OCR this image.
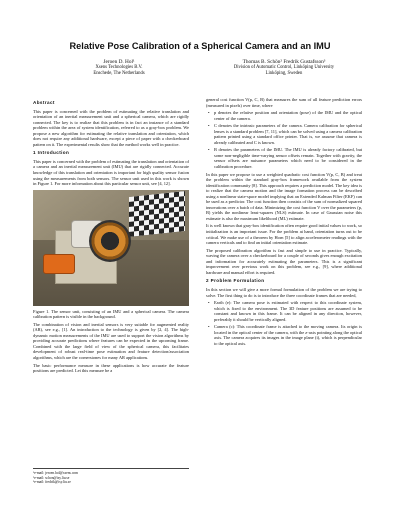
Relative Pose Calibration of a Spherical Camera and an IMU
Jeroen D. Hol¹
Xsens Technologies B.V.
Enschede, The Netherlands
Thomas B. Schön² Fredrik Gustafsson³
Division of Automatic Control, Linköping University
Linköping, Sweden
Abstract

This paper is concerned with the problem of estimating the relative translation and orientation of an inertial measurement unit and a spherical camera, which are rigidly connected. The key is to realize that this problem is in fact an instance of a standard problem within the area of system identification, referred to as a gray-box problem. We propose a new algorithm for estimating the relative translation and orientation, which does not require any additional hardware, except a piece of paper with a checkerboard pattern on it. The experimental results show that the method works well in practice.

1 Introduction

This paper is concerned with the problem of estimating the translation and orientation of a camera and an inertial measurement unit (IMU) that are rigidly connected. Accurate knowledge of this translation and orientation is important for high quality sensor fusion using the measurements from both sensors. The sensor unit used in this work is shown in Figure 1. For more information about this particular sensor unit, see [4, 12].

Figure 1. The sensor unit, consisting of an IMU and a spherical camera. The camera calibration pattern is visible in the background.

The combination of vision and inertial sensors is very suitable for augmented reality (AR), see e.g., [1]. An introduction to the technology is given by [2, 4]. The high-dynamic motion measurements of the IMU are used to support the vision algorithms by providing accurate predictions where features can be expected in the upcoming frame. Combined with the large field of view of the spherical camera, this facilitates development of robust real-time pose estimation and feature detection/association algorithms, which are the cornerstones for many AR applications.

The basic performance measure in these applications is how accurate the feature positions are predicted. Let this measure be a

¹e-mail: jeroen.hol@xsens.com
²e-mail: schon@isy.liu.se
³e-mail: fredrik@isy.liu.se

general cost function V(p, C, B) that measures the sum of all feature prediction errors (measured in pixels) over time, where

• p denotes the relative position and orientation (pose) of the IMU and the optical center of the camera.
• C denotes the intrinsic parameters of the camera. Camera calibration for spherical lenses is a standard problem [7, 11], which can be solved using a camera calibration pattern printed using a standard office printer. That is, we assume that camera is already calibrated and C is known.
• B denotes the parameters of the IMU. The IMU is already factory calibrated, but some non-negligible time-varying sensor offsets remain. Together with gravity, the sensor offsets are nuisance parameters which need to be considered in the calibration procedure.

In this paper we propose to use a weighted quadratic cost function V(p, C, B) and treat the problem within the standard gray-box framework available from the system identification community [8]. This approach requires a prediction model. The key idea is to realize that the camera motion and the image formation process can be described using a nonlinear state-space model implying that an Extended Kalman Filter (EKF) can be used as a predictor. The cost function then consists of the sum of normalized squared innovations over a batch of data. Minimizing the cost function V over the parameters (p, B) yields the nonlinear least-squares (NLS) estimate. In case of Gaussian noise this estimate is also the maximum likelihood (ML) estimate.

It is well known that gray-box identification often require good initial values to work, so initialization is an important issue. For the problem at hand, orientation turns out to be critical. We make use of a theorem by Horn [5] to align accelerometer readings with the camera verticals and to find an initial orientation estimate.

The proposed calibration algorithm is fast and simple to use in practice. Typically, waving the camera over a checkerboard for a couple of seconds gives enough excitation and information for accurately estimating the parameters. This is a significant improvement over previous work on this problem, see e.g., [9], where additional hardware and manual effort is required.

2 Problem Formulation

In this section we will give a more formal formulation of the problem we are trying to solve. The first thing to do is to introduce the three coordinate frames that are needed,

• Earth (e): The camera pose is estimated with respect to this coordinate system, which is fixed to the environment. The 3D feature positions are assumed to be constant and known in this frame. It can be aligned in any direction, however, preferably it should be vertically aligned.
• Camera (c): This coordinate frame is attached to the moving camera. Its origin is located in the optical center of the camera, with the z-axis pointing along the optical axis. The camera acquires its images in the image plane (i), which is perpendicular to the optical axis.
